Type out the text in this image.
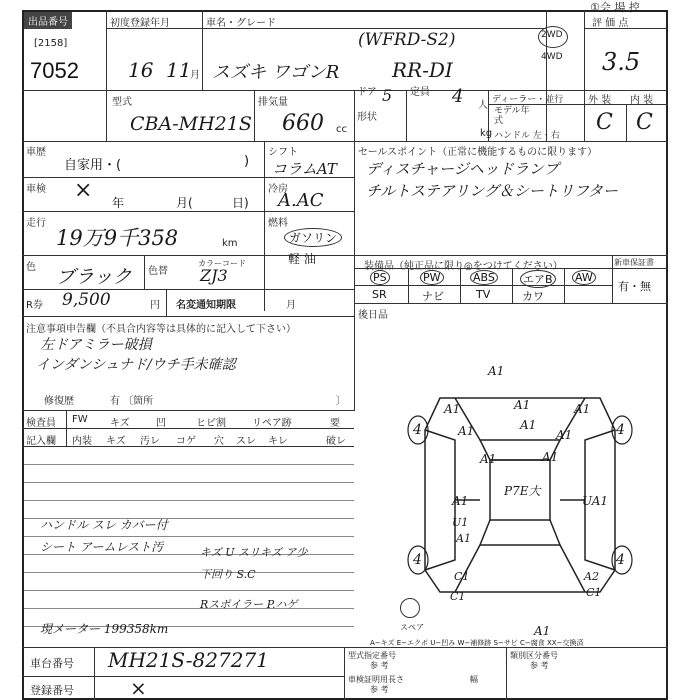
出品番号
[2158]
7052
初度登録年月
16 11
月
車名・グレード
スズキ ワゴンR
(WFRD-S2)
RR-DI
①会 場 控
2WD
4WD
評 価 点
3.5
外 装 内 装
C C
型式
CBA-MH21S
排気量
660 cc
ドア 5
形状
定員 4 人
kg
ディーラー・並行
モデル年式
ハンドル 左・右
車歴
自家用・(	)
シフト
コラムAT
車検 × 年	月(	日)
冷房
A.AC
走行
19万9千358	km
燃料
ガソリン
軽 油
色 ブラック 色替
カラーコード
ZJ3
R券 9,500	円 名変通知期限	月
セールスポイント（正常に機能するものに限ります）
ディスチャージヘッドランプ
チルトステアリング＆シートリフター
装備品（純正品に限り◎をつけてください）
PS	PW	ABS	エアB AW
SR	ナビ	TV	カワ
新車保証書
有・無
後日品
注意事項申告欄（不具合内容等は具体的に記入して下さい）
左ドアミラー破損
インダンシュナド/ウチ手未確認
修復歴	有 〔箇所	〕
検査員
記入欄
FW キズ	凹	ヒビ割	リペア跡	要
内装 キズ 汚レ コゲ 穴 スレ キレ	破レ
ハンドル スレ カバー付
シート アームレスト汚	キズ U スリキズ ア少
下回り S.C
Rスポイラー P.ハゲ
現メーター 199358km
4	4
4	4
A1
A1	A1	A1
A1	A1
A1
A1	A1
A1
P7E大
UA1
U1
A1
C1
C1
A2
C1
A1
スペア
A−キズ E−エクボ U−凹み W−補修跡 S−サビ C−腐食 XX−交換済
車台番号 MH21S-827271
登録番号	×
型式指定番号
参 考
車検証明用
参 考
長さ	幅
類別区分番号
参 考
